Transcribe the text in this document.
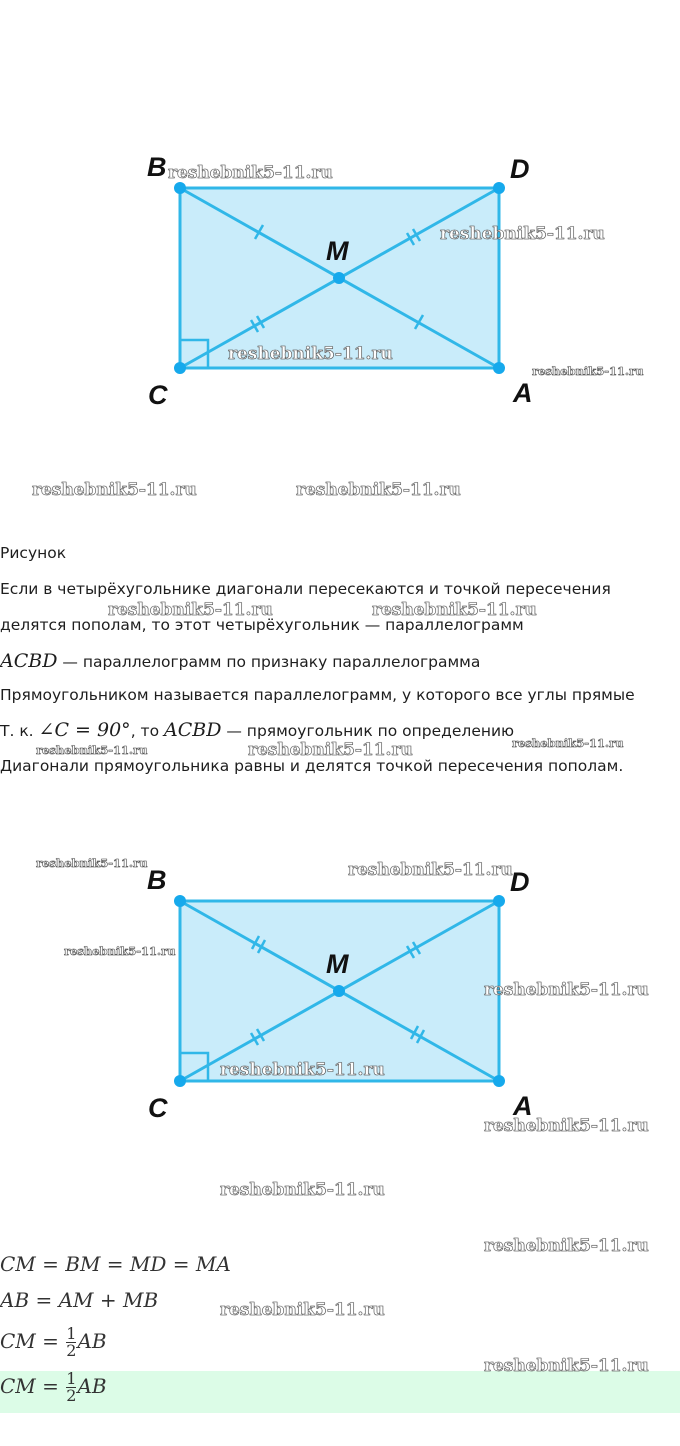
B	D
M
C	A

Рисунок

Если в четырёхугольнике диагонали пересекаются и точкой пересечения

делятся пополам, то этот четырёхугольник — параллелограмм

ACBD — параллелограмм по признаку параллелограмма

Прямоугольником называется параллелограмм, у которого все углы прямые

Т. к. ∠C = 90°, то ACBD — прямоугольник по определению

Диагонали прямоугольника равны и делятся точкой пересечения пополам.

B	D
M
C	A
CM = BM = MD = MA
AB = AM + MB
CM = $\frac{1}{2}$ AB
CM = $\frac{1}{2}$ AB
reshebnik5-11.ru
reshebnik5-11.ru
reshebnik5-11.ru
reshebnik5-11.ru
reshebnik5-11.ru	reshebnik5-11.ru
reshebnik5-11.ru	reshebnik5-11.ru
reshebnik5-11.ru	reshebnik5-11.ru	reshebnik5-11.ru
reshebnik5-11.ru	reshebnik5-11.ru
reshebnik5-11.ru
reshebnik5-11.ru
reshebnik5-11.ru
reshebnik5-11.ru
reshebnik5-11.ru
reshebnik5-11.ru
reshebnik5-11.ru
reshebnik5-11.ru
